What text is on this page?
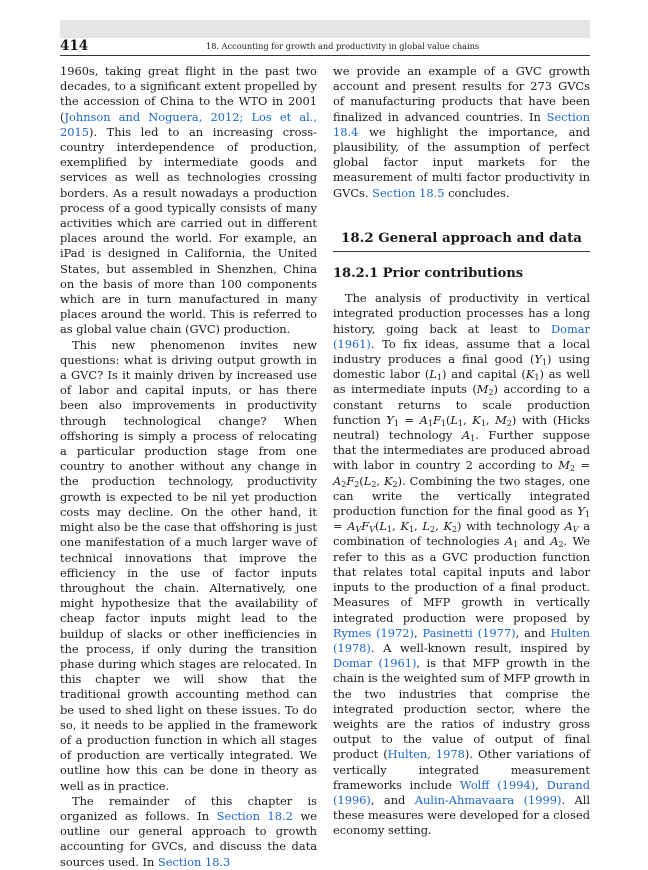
414	18. Accounting for growth and productivity in global value chains

1960s, taking great flight in the past two decades, to a significant extent propelled by the accession of China to the WTO in 2001 (Johnson and Noguera, 2012; Los et al., 2015). This led to an increasing cross-country interdependence of production, exemplified by intermediate goods and services as well as technologies crossing borders. As a result nowadays a production process of a good typically consists of many activities which are carried out in different places around the world. For example, an iPad is designed in California, the United States, but assembled in Shenzhen, China on the basis of more than 100 components which are in turn manufactured in many places around the world. This is referred to as global value chain (GVC) production.

This new phenomenon invites new questions: what is driving output growth in a GVC? Is it mainly driven by increased use of labor and capital inputs, or has there been also improvements in productivity through technological change? When offshoring is simply a process of relocating a particular production stage from one country to another without any change in the production technology, productivity growth is expected to be nil yet production costs may decline. On the other hand, it might also be the case that offshoring is just one manifestation of a much larger wave of technical innovations that improve the efficiency in the use of factor inputs throughout the chain. Alternatively, one might hypothesize that the availability of cheap factor inputs might lead to the buildup of slacks or other inefficiencies in the process, if only during the transition phase during which stages are relocated. In this chapter we will show that the traditional growth accounting method can be used to shed light on these issues. To do so, it needs to be applied in the framework of a production function in which all stages of production are vertically integrated. We outline how this can be done in theory as well as in practice.

The remainder of this chapter is organized as follows. In Section 18.2 we outline our general approach to growth accounting for GVCs, and discuss the data sources used. In Section 18.3

we provide an example of a GVC growth account and present results for 273 GVCs of manufacturing products that have been finalized in advanced countries. In Section 18.4 we highlight the importance, and plausibility, of the assumption of perfect global factor input markets for the measurement of multi factor productivity in GVCs. Section 18.5 concludes.

18.2 General approach and data
18.2.1 Prior contributions

The analysis of productivity in vertical integrated production processes has a long history, going back at least to Domar (1961). To fix ideas, assume that a local industry produces a final good $(Y_1)$ using domestic labor $(L_1)$ and capital $(K_1)$ as well as intermediate inputs $(M_2)$ according to a constant returns to scale production function $Y_1 = A_1F_1(L_1$, $K_1$, $M_2$) with (Hicks neutral) technology $A_1$. Further suppose that the intermediates are produced abroad with labor in country 2 according to $M_2 = A_2F_2(L_2$, $K_2$). Combining the two stages, one can write the vertically integrated production function for the final good as $Y_1 = A_VF_V(L_1$, $K_1$, $L_2$, $K_2$) with technology $A_V$ a combination of technologies $A_1$ and $A_2$. We refer to this as a GVC production function that relates total capital inputs and labor inputs to the production of a final product. Measures of MFP growth in vertically integrated production were proposed by Rymes (1972), Pasinetti (1977), and Hulten (1978). A well-known result, inspired by Domar (1961), is that MFP growth in the chain is the weighted sum of MFP growth in the two industries that comprise the integrated production sector, where the weights are the ratios of industry gross output to the value of output of final product (Hulten, 1978). Other variations of vertically integrated measurement frameworks include Wolff (1994), Durand (1996), and Aulin-Ahmavaara (1999). All these measures were developed for a closed economy setting.
